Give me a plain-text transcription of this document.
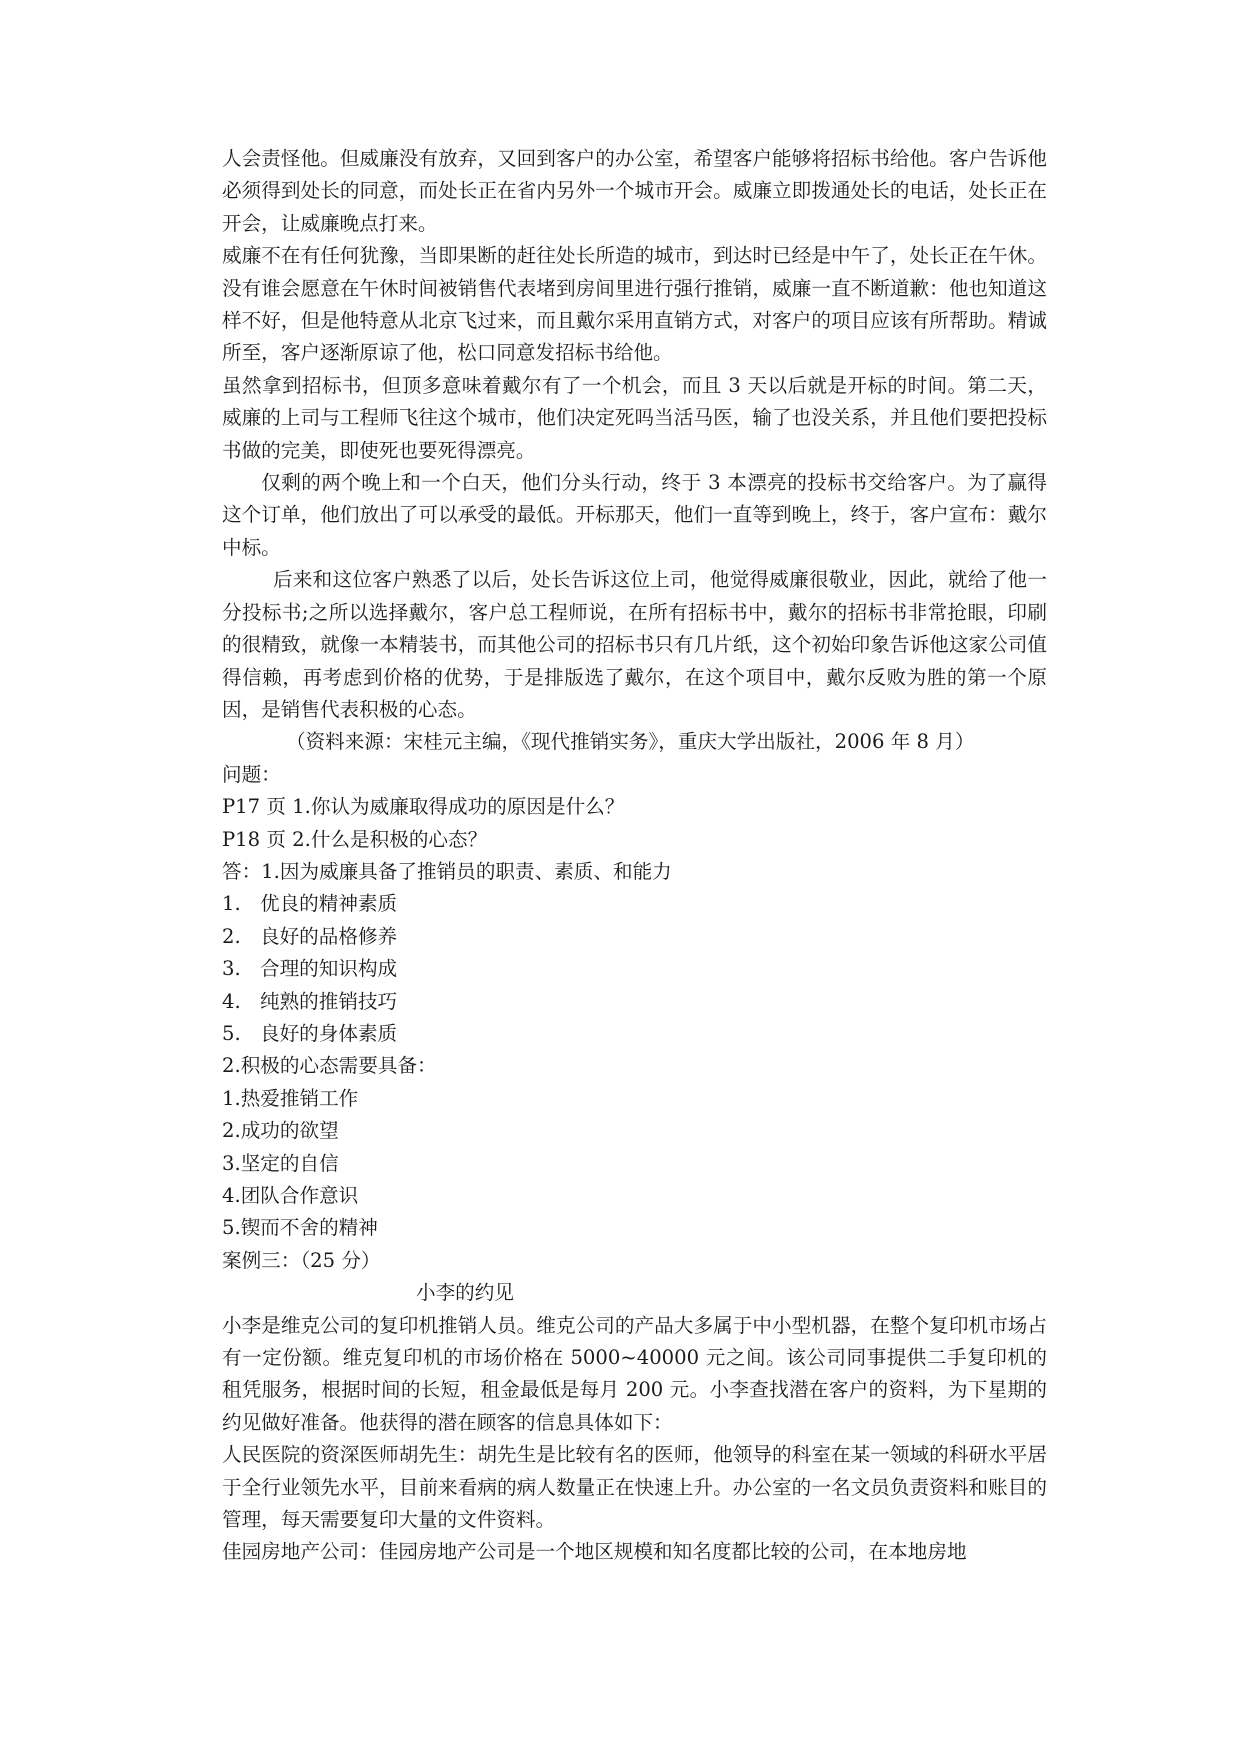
人会责怪他。但威廉没有放弃，又回到客户的办公室，希望客户能够将招标书给他。客户告诉他必须得到处长的同意，而处长正在省内另外一个城市开会。威廉立即拨通处长的电话，处长正在开会，让威廉晚点打来。

威廉不在有任何犹豫，当即果断的赶往处长所造的城市，到达时已经是中午了，处长正在午休。没有谁会愿意在午休时间被销售代表堵到房间里进行强行推销，威廉一直不断道歉：他也知道这样不好，但是他特意从北京飞过来，而且戴尔采用直销方式，对客户的项目应该有所帮助。精诚所至，客户逐渐原谅了他，松口同意发招标书给他。

虽然拿到招标书，但顶多意味着戴尔有了一个机会，而且 3 天以后就是开标的时间。第二天，威廉的上司与工程师飞往这个城市，他们决定死吗当活马医，输了也没关系，并且他们要把投标书做的完美，即使死也要死得漂亮。

仅剩的两个晚上和一个白天，他们分头行动，终于 3 本漂亮的投标书交给客户。为了赢得这个订单，他们放出了可以承受的最低。开标那天，他们一直等到晚上，终于，客户宣布：戴尔中标。

后来和这位客户熟悉了以后，处长告诉这位上司，他觉得威廉很敬业，因此，就给了他一分投标书;之所以选择戴尔，客户总工程师说，在所有招标书中，戴尔的招标书非常抢眼，印刷的很精致，就像一本精装书，而其他公司的招标书只有几片纸，这个初始印象告诉他这家公司值得信赖，再考虑到价格的优势，于是排版选了戴尔，在这个项目中，戴尔反败为胜的第一个原因，是销售代表积极的心态。

（资料来源：宋桂元主编，《现代推销实务》，重庆大学出版社，2006 年 8 月）

问题：

P17 页 1.你认为威廉取得成功的原因是什么？

P18 页 2.什么是积极的心态？

答：1.因为威廉具备了推销员的职责、素质、和能力

1. 优良的精神素质
2. 良好的品格修养
3. 合理的知识构成
4. 纯熟的推销技巧
5. 良好的身体素质

2.积极的心态需要具备：

1.热爱推销工作

2.成功的欲望

3.坚定的自信

4.团队合作意识

5.锲而不舍的精神

案例三：（25 分）

小李的约见

小李是维克公司的复印机推销人员。维克公司的产品大多属于中小型机器，在整个复印机市场占有一定份额。维克复印机的市场价格在 5000~40000 元之间。该公司同事提供二手复印机的租凭服务，根据时间的长短，租金最低是每月 200 元。小李查找潜在客户的资料，为下星期的约见做好准备。他获得的潜在顾客的信息具体如下：

人民医院的资深医师胡先生：胡先生是比较有名的医师，他领导的科室在某一领域的科研水平居于全行业领先水平，目前来看病的病人数量正在快速上升。办公室的一名文员负责资料和账目的管理，每天需要复印大量的文件资料。

佳园房地产公司：佳园房地产公司是一个地区规模和知名度都比较的公司，在本地房地
